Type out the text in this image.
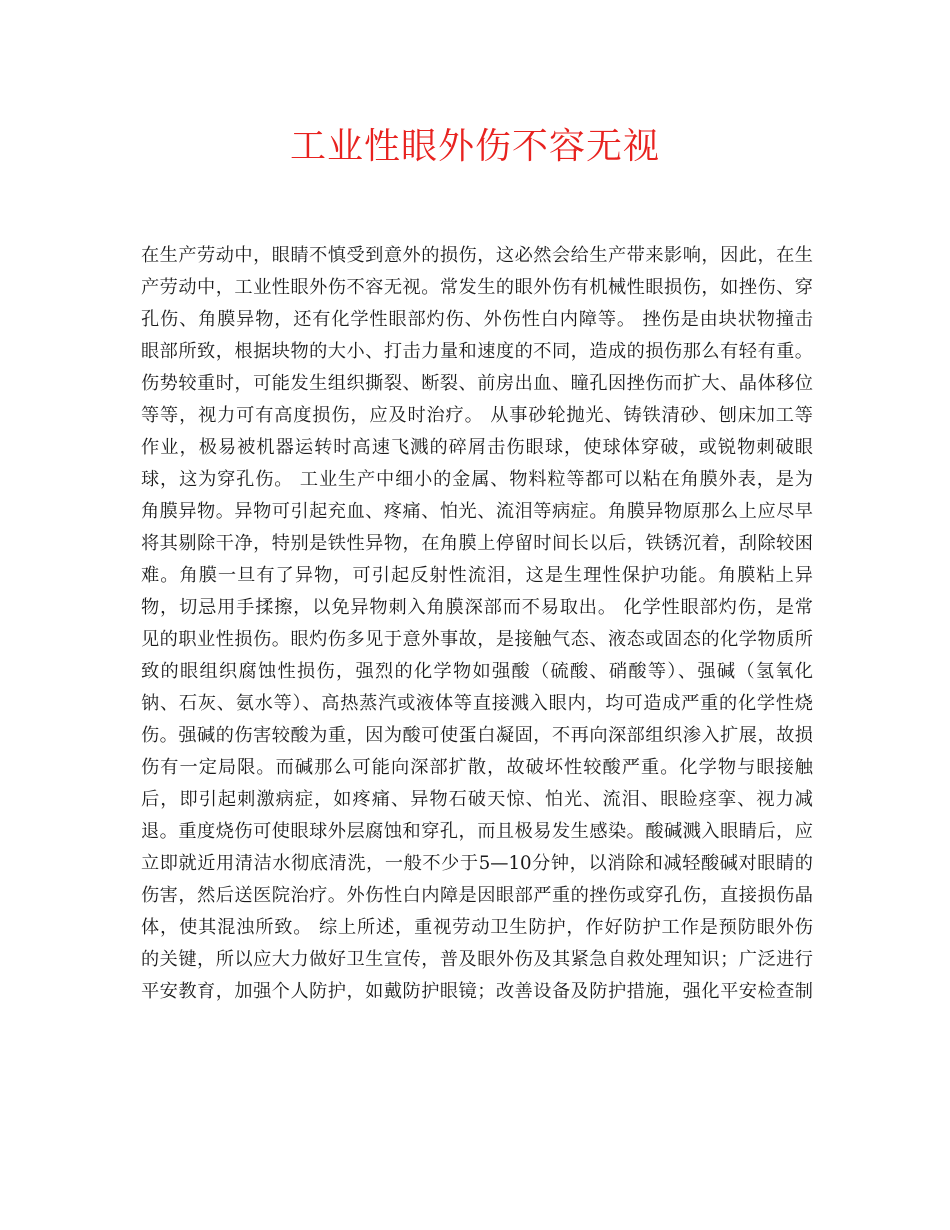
工业性眼外伤不容无视
在生产劳动中，眼睛不慎受到意外的损伤，这必然会给生产带来影响，因此，在生
产劳动中，工业性眼外伤不容无视。常发生的眼外伤有机械性眼损伤，如挫伤、穿
孔伤、角膜异物，还有化学性眼部灼伤、外伤性白内障等。 挫伤是由块状物撞击
眼部所致，根据块物的大小、打击力量和速度的不同，造成的损伤那么有轻有重。
伤势较重时，可能发生组织撕裂、断裂、前房出血、瞳孔因挫伤而扩大、晶体移位
等等，视力可有高度损伤，应及时治疗。 从事砂轮抛光、铸铁清砂、刨床加工等
作业，极易被机器运转时高速飞溅的碎屑击伤眼球，使球体穿破，或锐物刺破眼
球，这为穿孔伤。 工业生产中细小的金属、物料粒等都可以粘在角膜外表，是为
角膜异物。异物可引起充血、疼痛、怕光、流泪等病症。角膜异物原那么上应尽早
将其剔除干净，特别是铁性异物，在角膜上停留时间长以后，铁锈沉着，刮除较困
难。角膜一旦有了异物，可引起反射性流泪，这是生理性保护功能。角膜粘上异
物，切忌用手揉擦，以免异物刺入角膜深部而不易取出。 化学性眼部灼伤，是常
见的职业性损伤。眼灼伤多见于意外事故，是接触气态、液态或固态的化学物质所
致的眼组织腐蚀性损伤，强烈的化学物如强酸（硫酸、硝酸等）、强碱（氢氧化
钠、石灰、氨水等）、高热蒸汽或液体等直接溅入眼内，均可造成严重的化学性烧
伤。强碱的伤害较酸为重，因为酸可使蛋白凝固，不再向深部组织渗入扩展，故损
伤有一定局限。而碱那么可能向深部扩散，故破坏性较酸严重。化学物与眼接触
后，即引起刺激病症，如疼痛、异物石破天惊、怕光、流泪、眼睑痉挛、视力减
退。重度烧伤可使眼球外层腐蚀和穿孔，而且极易发生感染。酸碱溅入眼睛后，应
立即就近用清洁水彻底清洗，一般不少于5—10分钟，以消除和减轻酸碱对眼睛的
伤害，然后送医院治疗。外伤性白内障是因眼部严重的挫伤或穿孔伤，直接损伤晶
体，使其混浊所致。 综上所述，重视劳动卫生防护，作好防护工作是预防眼外伤
的关键，所以应大力做好卫生宣传，普及眼外伤及其紧急自救处理知识；广泛进行
平安教育，加强个人防护，如戴防护眼镜；改善设备及防护措施，强化平安检查制
